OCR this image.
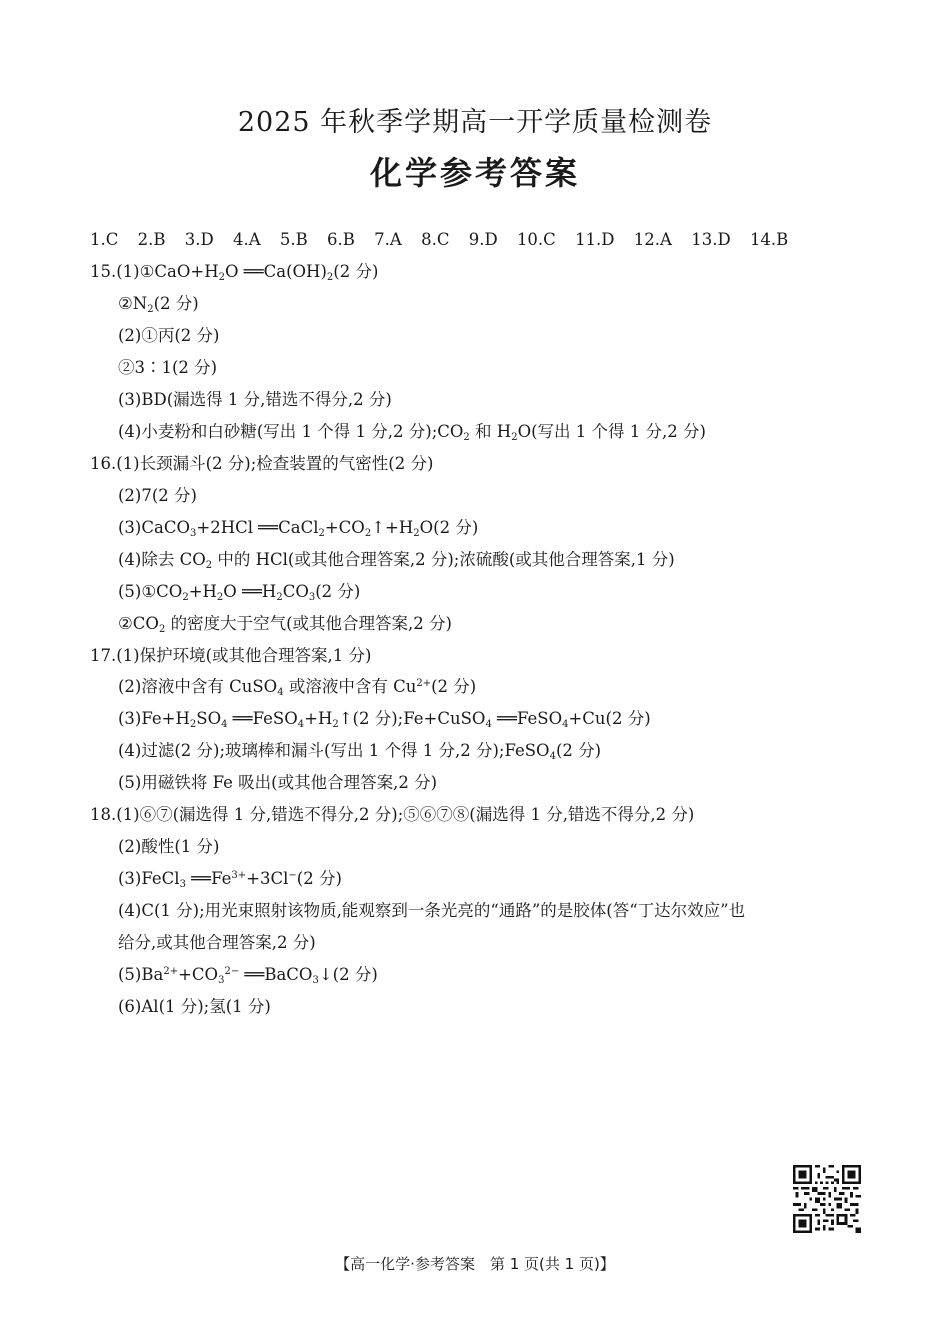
2025 年秋季学期高一开学质量检测卷
化学参考答案
1.C 2.B 3.D 4.A 5.B 6.B 7.A 8.C 9.D 10.C 11.D 12.A 13.D 14.B
$15.(1)①CaO+H_2O$ $══Ca(OH)_2(2$ 分)
$②N_2(2$ 分)
(2)①丙(2 分)
②3∶1(2 分)
(3)BD(漏选得 1 分,错选不得分,2 分)
(4)小麦粉和白砂糖(写出 1 个得 1 分,2 分)$;CO_2$ 和 $H_2O$(写出 1 个得 1 分,2 分)
16.(1)长颈漏斗(2 分);检查装置的气密性(2 分)
(2)7(2 分)
(3)CaCO$_3$+2HCl $══CaCl_2+CO_2↑+H_2O(2$ 分)
(4)除去 $CO_2$ 中的 HCl(或其他合理答案,2 分);浓硫酸(或其他合理答案,1 分)
$(5)①CO_2+H_2O$ $══H_2CO_3(2$ 分)
$②CO_2$ 的密度大于空气(或其他合理答案,2 分)
17.(1)保护环境(或其他合理答案,1 分)
(2)溶液中含有 CuSO$_4$ 或溶液中含有 $Cu^{2+}(2$ 分)
$(3)Fe+H_2SO_4$ $══FeSO_4+H_2↑(2$ 分);Fe+CuSO$_4$ ══FeSO$_4$+Cu(2 分)
(4)过滤(2 分);玻璃棒和漏斗(写出 1 个得 1 分,2 分);FeSO$_4$(2 分)
(5)用磁铁将 Fe 吸出(或其他合理答案,2 分)
18.(1)⑥⑦(漏选得 1 分,错选不得分,2 分);⑤⑥⑦⑧(漏选得 1 分,错选不得分,2 分)
(2)酸性(1 分)
(3)FeCl$_3$ $══Fe^{3+}+3Cl^-(2$ 分)
(4)C(1 分);用光束照射该物质,能观察到一条光亮的“通路”的是胶体(答“丁达尔效应”也
给分,或其他合理答案,2 分)
$(5)Ba^{2+}+CO_3^{2-}$ ══BaCO$_3$↓(2 分)
(6)Al(1 分);氢(1 分)
【高一化学·参考答案　第 1 页(共 1 页)】
